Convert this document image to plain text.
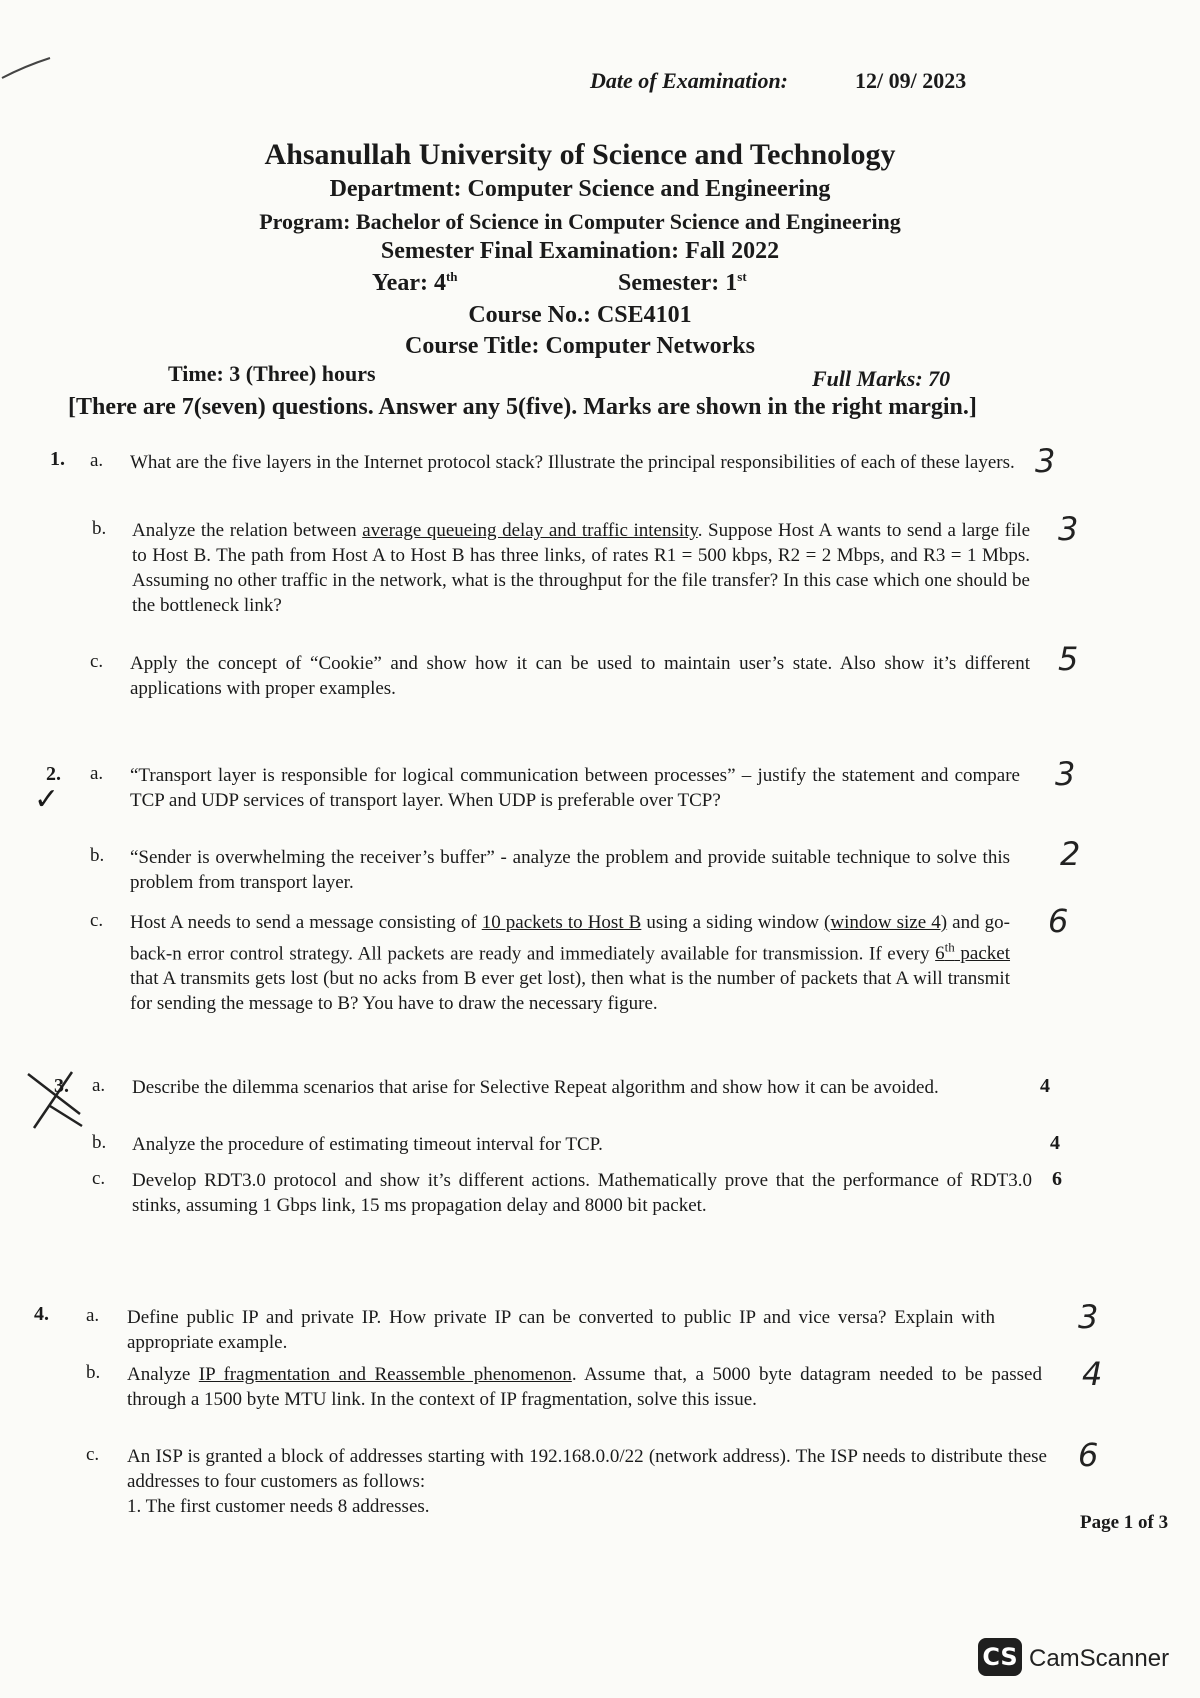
Date of Examination:	12/ 09/ 2023
Ahsanullah University of Science and Technology
Department: Computer Science and Engineering
Program: Bachelor of Science in Computer Science and Engineering
Semester Final Examination: Fall 2022
Year: 4th	Semester: 1st
Course No.: CSE4101
Course Title: Computer Networks
Time: 3 (Three) hours	Full Marks: 70
[There are 7(seven) questions. Answer any 5(five). Marks are shown in the right margin.]
1. a. What are the five layers in the Internet protocol stack? Illustrate the principal responsibilities of each of these layers. 3
b. Analyze the relation between average queueing delay and traffic intensity. Suppose Host A wants to send a large file to Host B. The path from Host A to Host B has three links, of rates R1 = 500 kbps, R2 = 2 Mbps, and R3 = 1 Mbps. Assuming no other traffic in the network, what is the throughput for the file transfer? In this case which one should be the bottleneck link?
3
c. Apply the concept of “Cookie” and show how it can be used to maintain user’s state. Also show it’s different applications with proper examples.
5
2.
✓
a. “Transport layer is responsible for logical communication between processes” – justify the statement and compare TCP and UDP services of transport layer. When UDP is preferable over TCP?
3
b. “Sender is overwhelming the receiver’s buffer” - analyze the problem and provide suitable technique to solve this problem from transport layer.
2
c. Host A needs to send a message consisting of 10 packets to Host B using a siding window (window size 4) and go-back-n error control strategy. All packets are ready and immediately available for transmission. If every 6th packet that A transmits gets lost (but no acks from B ever get lost), then what is the number of packets that A will transmit for sending the message to B? You have to draw the necessary figure.
6
3. a. Describe the dilemma scenarios that arise for Selective Repeat algorithm and show how it can be avoided.	4
b. Analyze the procedure of estimating timeout interval for TCP.	4
c. Develop RDT3.0 protocol and show it’s different actions. Mathematically prove that the performance of RDT3.0 stinks, assuming 1 Gbps link, 15 ms propagation delay and 8000 bit packet.
6
4. a. Define public IP and private IP. How private IP can be converted to public IP and vice versa? Explain with appropriate example.
3
b. Analyze IP fragmentation and Reassemble phenomenon. Assume that, a 5000 byte datagram needed to be passed through a 1500 byte MTU link. In the context of IP fragmentation, solve this issue.
4
c. An ISP is granted a block of addresses starting with 192.168.0.0/22 (network address). The ISP needs to distribute these addresses to four customers as follows:
1. The first customer needs 8 addresses.
6
Page 1 of 3
CS CamScanner
